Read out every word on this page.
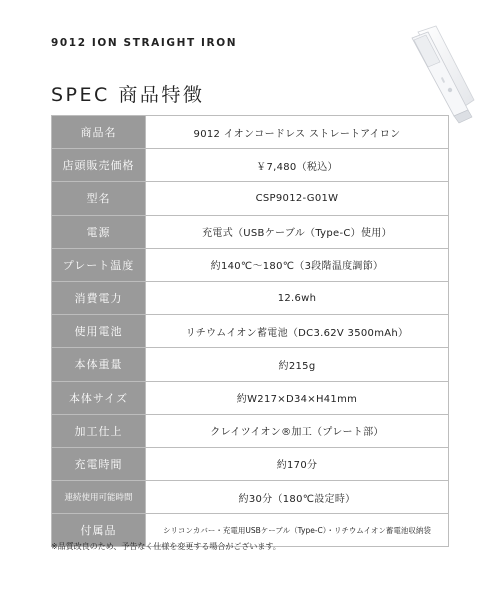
9012 ION STRAIGHT IRON
SPEC 商品特徴
商品名	9012 イオンコードレス ストレートアイロン
店頭販売価格	￥7,480（税込）
型名	CSP9012-G01W
電源	充電式（USBケーブル（Type-C）使用）
プレート温度	約140℃〜180℃（3段階温度調節）
消費電力	12.6wh
使用電池	リチウムイオン蓄電池（DC3.62V 3500mAh）
本体重量	約215g
本体サイズ	約W217×D34×H41mm
加工仕上	クレイツイオン®加工（プレート部）
充電時間	約170分
連続使用可能時間	約30分（180℃設定時）
付属品	シリコンカバー・充電用USBケーブル（Type-C）・リチウムイオン蓄電池収納袋
※品質改良のため、予告なく仕様を変更する場合がございます。
